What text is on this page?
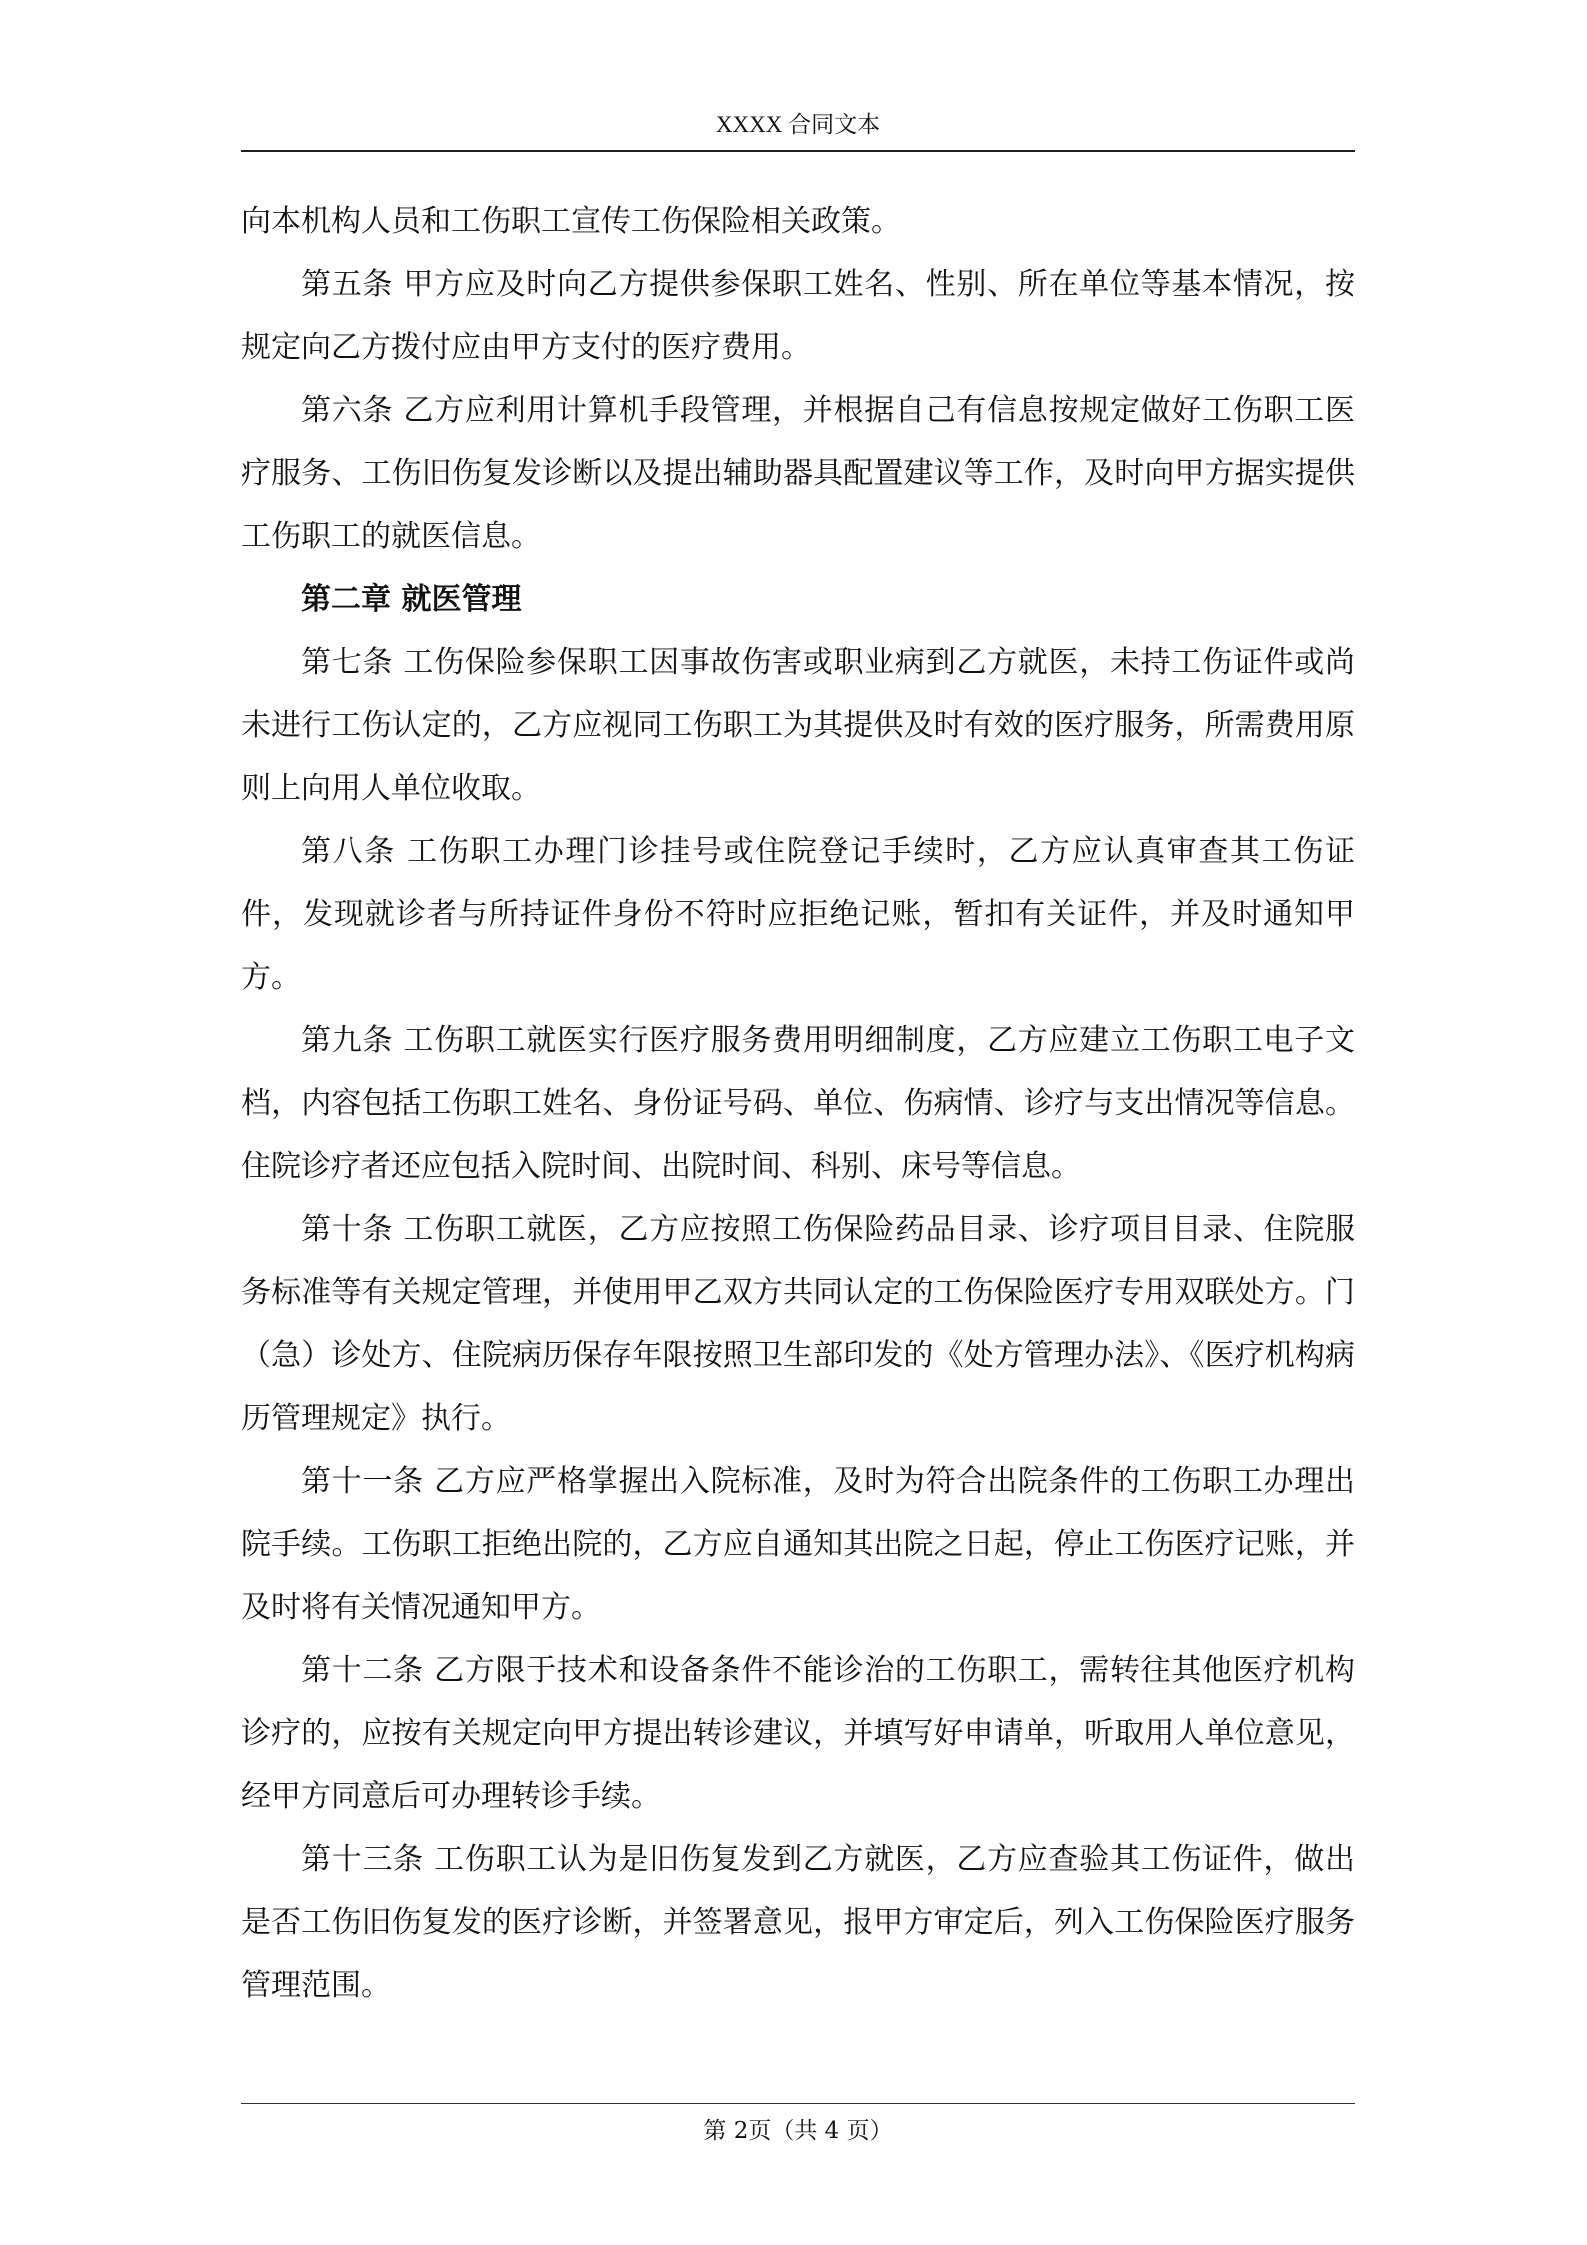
XXXX 合同文本

向本机构人员和工伤职工宣传工伤保险相关政策。

第五条 甲方应及时向乙方提供参保职工姓名、性别、所在单位等基本情况，按规定向乙方拨付应由甲方支付的医疗费用。

第六条 乙方应利用计算机手段管理，并根据自己有信息按规定做好工伤职工医疗服务、工伤旧伤复发诊断以及提出辅助器具配置建议等工作，及时向甲方据实提供工伤职工的就医信息。

第二章 就医管理

第七条 工伤保险参保职工因事故伤害或职业病到乙方就医，未持工伤证件或尚未进行工伤认定的，乙方应视同工伤职工为其提供及时有效的医疗服务，所需费用原则上向用人单位收取。

第八条 工伤职工办理门诊挂号或住院登记手续时，乙方应认真审查其工伤证件，发现就诊者与所持证件身份不符时应拒绝记账，暂扣有关证件，并及时通知甲方。

第九条 工伤职工就医实行医疗服务费用明细制度，乙方应建立工伤职工电子文档，内容包括工伤职工姓名、身份证号码、单位、伤病情、诊疗与支出情况等信息。住院诊疗者还应包括入院时间、出院时间、科别、床号等信息。

第十条 工伤职工就医，乙方应按照工伤保险药品目录、诊疗项目目录、住院服务标准等有关规定管理，并使用甲乙双方共同认定的工伤保险医疗专用双联处方。门（急）诊处方、住院病历保存年限按照卫生部印发的《处方管理办法》、《医疗机构病历管理规定》执行。

第十一条 乙方应严格掌握出入院标准，及时为符合出院条件的工伤职工办理出院手续。工伤职工拒绝出院的，乙方应自通知其出院之日起，停止工伤医疗记账，并及时将有关情况通知甲方。

第十二条 乙方限于技术和设备条件不能诊治的工伤职工，需转往其他医疗机构诊疗的，应按有关规定向甲方提出转诊建议，并填写好申请单，听取用人单位意见，经甲方同意后可办理转诊手续。

第十三条 工伤职工认为是旧伤复发到乙方就医，乙方应查验其工伤证件，做出是否工伤旧伤复发的医疗诊断，并签署意见，报甲方审定后，列入工伤保险医疗服务管理范围。

第 2页（共 4 页）
